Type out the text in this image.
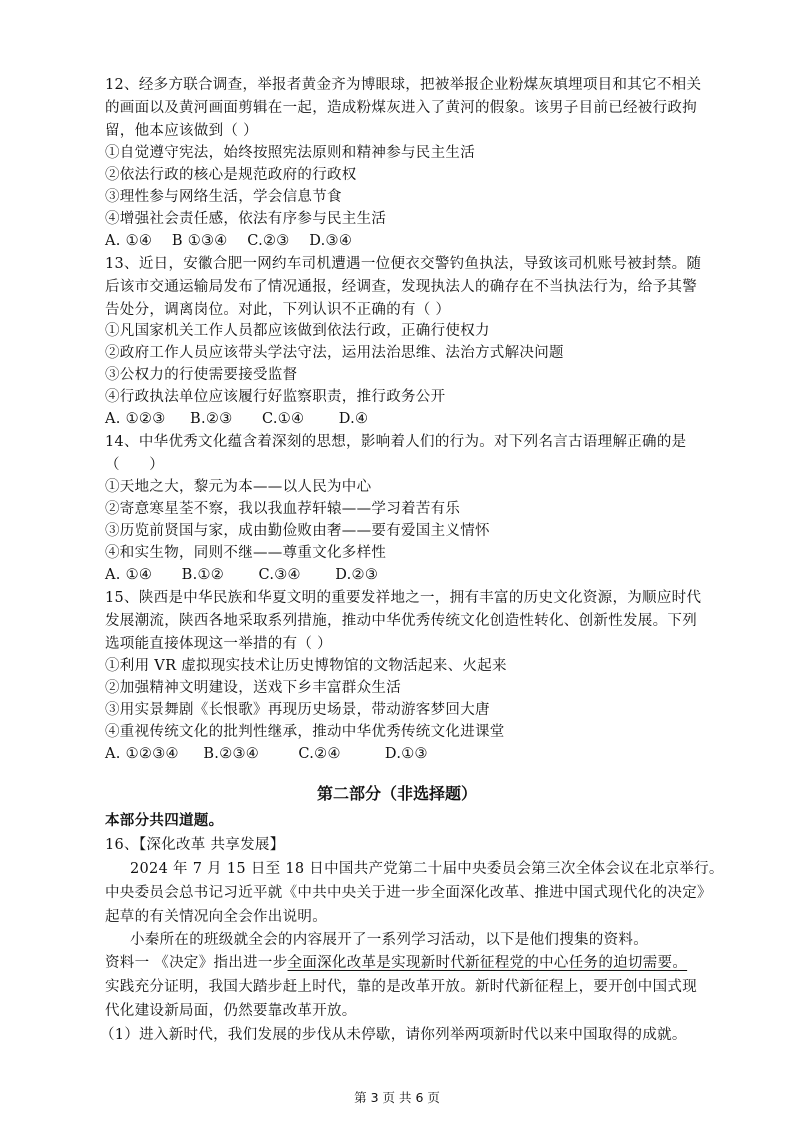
12、经多方联合调查，举报者黄金齐为博眼球，把被举报企业粉煤灰填埋项目和其它不相关
的画面以及黄河画面剪辑在一起，造成粉煤灰进入了黄河的假象。该男子目前已经被行政拘
留，他本应该做到（ ）
①自觉遵守宪法，始终按照宪法原则和精神参与民主生活
②依法行政的核心是规范政府的行政权
③理性参与网络生活，学会信息节食
④增强社会责任感，依法有序参与民主生活
A. ①④    B ①③④    C.②③    D.③④
13、近日，安徽合肥一网约车司机遭遇一位便衣交警钓鱼执法，导致该司机账号被封禁。随
后该市交通运输局发布了情况通报，经调查，发现执法人的确存在不当执法行为，给予其警
告处分，调离岗位。对此，下列认识不正确的有（ ）
①凡国家机关工作人员都应该做到依法行政，正确行使权力
②政府工作人员应该带头学法守法，运用法治思维、法治方式解决问题
③公权力的行使需要接受监督
④行政执法单位应该履行好监察职责，推行政务公开
A. ①②③     B.②③      C.①④       D.④
14、中华优秀文化蕴含着深刻的思想，影响着人们的行为。对下列名言古语理解正确的是
（      ）
①天地之大，黎元为本——以人民为中心
②寄意寒星荃不察，我以我血荐轩辕——学习着苦有乐
③历览前贤国与家，成由勤俭败由奢——要有爱国主义情怀
④和实生物，同则不继——尊重文化多样性
A. ①④      B.①②       C.③④       D.②③
15、陕西是中华民族和华夏文明的重要发祥地之一，拥有丰富的历史文化资源，为顺应时代
发展潮流，陕西各地采取系列措施，推动中华优秀传统文化创造性转化、创新性发展。下列
选项能直接体现这一举措的有（ ）
①利用 VR 虚拟现实技术让历史博物馆的文物活起来、火起来
②加强精神文明建设，送戏下乡丰富群众生活
③用实景舞剧《长恨歌》再现历史场景，带动游客梦回大唐
④重视传统文化的批判性继承，推动中华优秀传统文化进课堂
A. ①②③④     B.②③④        C.②④         D.①③
第二部分（非选择题）
本部分共四道题。
16、【深化改革 共享发展】
2024 年 7 月 15 日至 18 日中国共产党第二十届中央委员会第三次全体会议在北京举行。
中央委员会总书记习近平就《中共中央关于进一步全面深化改革、推进中国式现代化的决定》
起草的有关情况向全会作出说明。
小秦所在的班级就全会的内容展开了一系列学习活动，以下是他们搜集的资料。
资料一 《决定》指出进一步全面深化改革是实现新时代新征程党的中心任务的迫切需要。
实践充分证明，我国大踏步赶上时代，靠的是改革开放。新时代新征程上，要开创中国式现
代化建设新局面，仍然要靠改革开放。
（1）进入新时代，我们发展的步伐从未停歇，请你列举两项新时代以来中国取得的成就。
第 3 页 共 6 页
